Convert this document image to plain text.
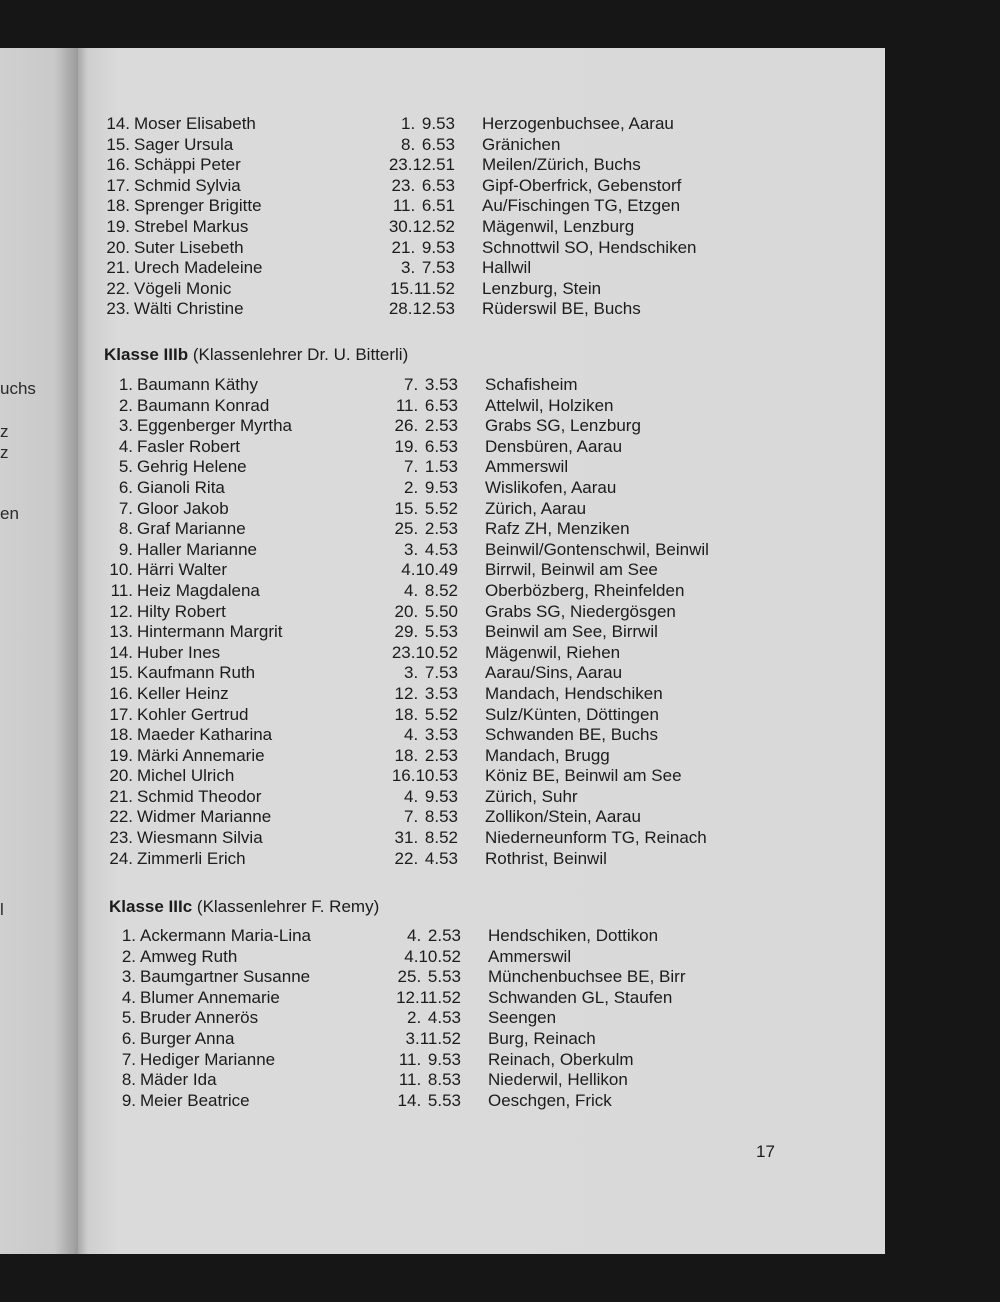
uchs
z
z
en
l
14. Moser Elisabeth	1. 9.53 Herzogenbuchsee, Aarau
15. Sager Ursula	8. 6.53 Gränichen
16. Schäppi Peter	23.12.51 Meilen/Zürich, Buchs
17. Schmid Sylvia	23. 6.53 Gipf-Oberfrick, Gebenstorf
18. Sprenger Brigitte	11. 6.51 Au/Fischingen TG, Etzgen
19. Strebel Markus	30.12.52 Mägenwil, Lenzburg
20. Suter Lisebeth	21. 9.53 Schnottwil SO, Hendschiken
21. Urech Madeleine	3. 7.53 Hallwil
22. Vögeli Monic	15.11.52 Lenzburg, Stein
23. Wälti Christine	28.12.53 Rüderswil BE, Buchs
Klasse IIIb (Klassenlehrer Dr. U. Bitterli)
1. Baumann Käthy	7. 3.53 Schafisheim
2. Baumann Konrad	11. 6.53 Attelwil, Holziken
3. Eggenberger Myrtha	26. 2.53 Grabs SG, Lenzburg
4. Fasler Robert	19. 6.53 Densbüren, Aarau
5. Gehrig Helene	7. 1.53 Ammerswil
6. Gianoli Rita	2. 9.53 Wislikofen, Aarau
7. Gloor Jakob	15. 5.52 Zürich, Aarau
8. Graf Marianne	25. 2.53 Rafz ZH, Menziken
9. Haller Marianne	3. 4.53 Beinwil/Gontenschwil, Beinwil
10. Härri Walter	4.10.49 Birrwil, Beinwil am See
11. Heiz Magdalena	4. 8.52 Oberbözberg, Rheinfelden
12. Hilty Robert	20. 5.50 Grabs SG, Niedergösgen
13. Hintermann Margrit	29. 5.53 Beinwil am See, Birrwil
14. Huber Ines	23.10.52 Mägenwil, Riehen
15. Kaufmann Ruth	3. 7.53 Aarau/Sins, Aarau
16. Keller Heinz	12. 3.53 Mandach, Hendschiken
17. Kohler Gertrud	18. 5.52 Sulz/Künten, Döttingen
18. Maeder Katharina	4. 3.53 Schwanden BE, Buchs
19. Märki Annemarie	18. 2.53 Mandach, Brugg
20. Michel Ulrich	16.10.53 Köniz BE, Beinwil am See
21. Schmid Theodor	4. 9.53 Zürich, Suhr
22. Widmer Marianne	7. 8.53 Zollikon/Stein, Aarau
23. Wiesmann Silvia	31. 8.52 Niederneunform TG, Reinach
24. Zimmerli Erich	22. 4.53 Rothrist, Beinwil
Klasse IIIc (Klassenlehrer F. Remy)
1. Ackermann Maria-Lina	4. 2.53 Hendschiken, Dottikon
2. Amweg Ruth	4.10.52 Ammerswil
3. Baumgartner Susanne	25. 5.53 Münchenbuchsee BE, Birr
4. Blumer Annemarie	12.11.52 Schwanden GL, Staufen
5. Bruder Annerös	2. 4.53 Seengen
6. Burger Anna	3.11.52 Burg, Reinach
7. Hediger Marianne	11. 9.53 Reinach, Oberkulm
8. Mäder Ida	11. 8.53 Niederwil, Hellikon
9. Meier Beatrice	14. 5.53 Oeschgen, Frick
17
